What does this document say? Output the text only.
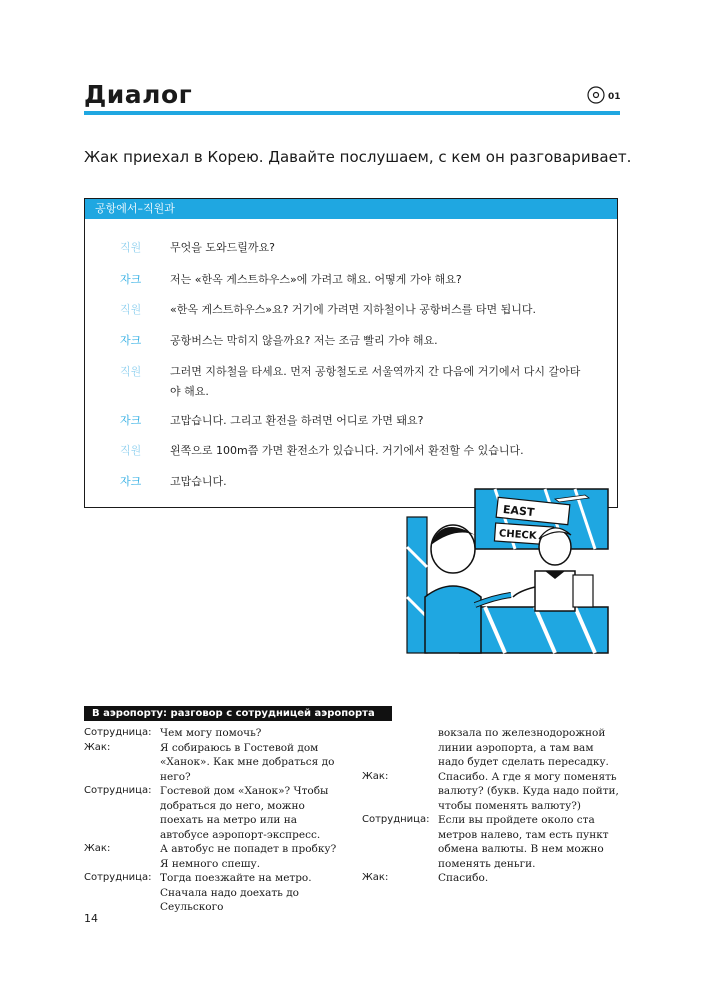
Диалог	01
Жак приехал в Корею. Давайте послушаем, с кем он разговаривает.
공항에서–직원과
직원	무엇을 도와드릴까요?
자크	저는 «한옥 게스트하우스»에 가려고 해요. 어떻게 가야 해요?
직원	«한옥 게스트하우스»요? 거기에 가려면 지하철이나 공항버스를 타면 됩니다.
자크	공항버스는 막히지 않을까요? 저는 조금 빨리 가야 해요.
직원	그러면 지하철을 타세요. 먼저 공항철도로 서울역까지 간 다음에 거기에서 다시 갈아타야 해요.
자크	고맙습니다. 그리고 환전을 하려면 어디로 가면 돼요?
직원	왼쪽으로 100m쯤 가면 환전소가 있습니다. 거기에서 환전할 수 있습니다.
자크	고맙습니다.
EAST
CHECK
В аэропорту: разговор с сотрудницей аэропорта
Сотрудница: Чем могу помочь?
Жак:	Я собираюсь в Гостевой дом «Ханок». Как мне добраться до него?
Сотрудница: Гостевой дом «Ханок»? Чтобы добраться до него, можно поехать на метро или на автобусе аэропорт-экспресс.
Жак:	А автобус не попадет в пробку? Я немного спешу.
Сотрудница: Тогда поезжайте на метро. Сначала надо доехать до Сеульского
вокзала по железнодорожной линии аэропорта, а там вам надо будет сделать пересадку.
Жак:	Спасибо. А где я могу поменять валюту? (букв. Куда надо пойти, чтобы поменять валюту?)
Сотрудница: Если вы пройдете около ста метров налево, там есть пункт обмена валюты. В нем можно поменять деньги.
Жак:	Спасибо.
14
